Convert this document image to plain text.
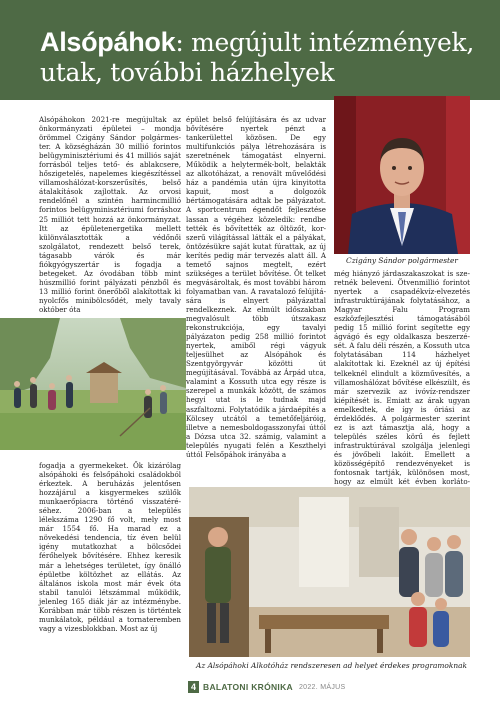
Alsópáhok: megújult intézmények, utak, további házhelyek

Alsópáhokon 2021-re megújultak az önkormányzati épületei – mondja örömmel Czigány Sándor polgármester. A községházán 30 millió forintos belügyminisztériumi és 41 milliós saját forrásból teljes tető- és ablakcsere, hőszigetelés, napelemes kiegészítéssel villamoshálózat-korszerűsítés, belső átalakítások zajlottak. Az orvosi rendelőnél a szintén harmincmillió forintos belügyminisztériumi forráshoz 25 milliót tett hozzá az önkormányzat. Itt az épületenergetika mellett különválasztották a védőnői szolgálatot, rendezett belső terek, tágasabb várók és már fiókgyógyszertár is fogadja a betegeket. Az óvodában több mint húszmillió forint pályázati pénzből és 13 millió forint önerőből alakítottak ki nyolcfős minibölcsődét, mely tavaly október óta

fogadja a gyermekeket. Ők kizárólag alsópáhoki és felsőpáhoki családokból érkeztek. A beruházás jelentősen hozzájárul a kisgyermekes szülők munkaerőpiacra történő visszatéréséhez. 2006-ban a település lélekszáma 1290 fő volt, mely most már 1554 fő. Ha marad ez a növekedési tendencia, tíz éven belül igény mutatkozhat a bölcsődei férőhelyek bővítésére. Ehhez keresik már a lehetséges területet, így önálló épületbe költözhet az ellátás. Az általános iskola most már évek óta stabil tanulói létszámmal működik, jelenleg 165 diák jár az intézménybe. Korábban már több részen is történtek munkálatok, például a tornateremben vagy a vizesblokkban. Most az új

épület belső felújítására és az udvar bővítésére nyertek pénzt a tankerülettel közösen. De egy multifunkciós pálya létrehozására is szeretnének támogatást elnyerni. Működik a helytermék-bolt, belakták az alkotóházat, a renovált művelődési ház a pandémia után újra kinyitotta kapuit, most a dolgozók bértámogatására adtak be pályázatot. A sportcentrum égendőt fejlesztése lassan a végéhez közeledik: rendbe tették és bővítették az öltözőt, korszerű világítással látták el a pályákat, öntözésükre saját kutat fúrattak, az új kerítés pedig már tervezés alatt áll. A temető sajnos megtelt, ezért szükséges a terület bővítése. Öt telket megvásároltak, és most további három folyamatban van. A ravatalozó felújítására is elnyert pályázattal rendelkeznek. Az elmúlt időszakban megvalósult több útszakasz rekonstrukciója, egy tavalyi pályázaton pedig 258 millió forintot nyertek, amiből régi vágyuk teljesülhet az Alsópáhok és Szentgyörgyvár közötti út megújításával. Továbbá az Árpád utca, valamint a Kossuth utca egy része is szerepel a munkák között, de számos hegyi utat is le tudnak majd aszfaltozni. Folytatódik a járdaépítés a Kölcsey utcától a temetőfeljáróig, illetve a nemesboldogasszonyfai úttól a Dózsa utca 32. számig, valamint a település nyugati felén a Keszthelyi úttól Felsőpáhok irányába a

Czigány Sándor polgármester

még hiányzó járdaszakaszokat is szeretnék beleveni. Ötvenmillió forintot nyertek a csapadékvíz-elvezetés infrastruktúrájának folytatásához, a Magyar Falu Program eszközfejlesztési támogatásából pedig 15 millió forint segítette egy ágvágó és egy oldalkasza beszerzését. A falu déli részén, a Kossuth utca folytatásában 114 házhelyet alakítottak ki. Ezeknél az új építési telkeknél elindult a közművesítés, a villamoshálózat bővítése elkészült, és már szervezik az ivóvíz-rendszer kiépítését is. Emiatt az árak ugyan emelkedtek, de így is óriási az érdeklődés. A polgármester szerint ez is azt támasztja alá, hogy a település széles körű és fejlett infrastruktúrával szolgálja jelenlegi és jövőbeli lakóit. Emellett a közösségépítő rendezvényeket is fontosnak tartják, különösen most, hogy az elmúlt két évben korláto

Az Alsópáhoki Alkotóház rendszeresen ad helyet érdekes programoknak
4 BALATONI KRÓNIKA 2022. MÁJUS
